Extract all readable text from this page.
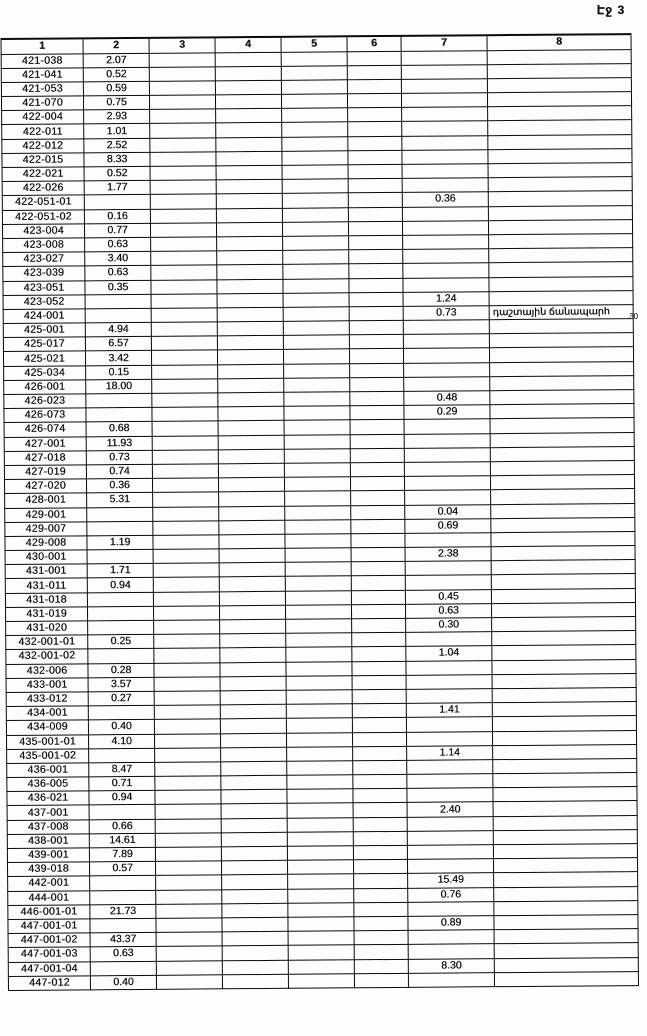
Էջ 3
1	2	3	4	5	6	7	8
421-038	2.07						
421-041	0.52						
421-053	0.59						
421-070	0.75						
422-004	2.93						
422-011	1.01						
422-012	2.52						
422-015	8.33						
422-021	0.52						
422-026	1.77						
422-051-01						0.36	
422-051-02	0.16						
423-004	0.77						
423-008	0.63						
423-027	3.40						
423-039	0.63						
423-051	0.35						
423-052						1.24	
424-001						0.73	դաշտային ճանապարհ
425-001	4.94						
425-017	6.57						
425-021	3.42						
425-034	0.15						
426-001	18.00						
426-023						0.48	
426-073						0.29	
426-074	0.68						
427-001	11.93						
427-018	0.73						
427-019	0.74						
427-020	0.36						
428-001	5.31						
429-001						0.04	
429-007						0.69	
429-008	1.19						
430-001						2.38	
431-001	1.71						
431-011	0.94						
431-018						0.45	
431-019						0.63	
431-020						0.30	
432-001-01	0.25						
432-001-02						1.04	
432-006	0.28						
433-001	3.57						
433-012	0.27						
434-001						1.41	
434-009	0.40						
435-001-01	4.10						
435-001-02						1.14	
436-001	8.47						
436-005	0.71						
436-021	0.94						
437-001						2.40	
437-008	0.66						
438-001	14.61						
439-001	7.89						
439-018	0.57						
442-001						15.49	
444-001						0.76	
446-001-01	21.73						
447-001-01						0.89	
447-001-02	43.37						
447-001-03	0.63						
447-001-04						8.30	
447-012	0.40						
30
